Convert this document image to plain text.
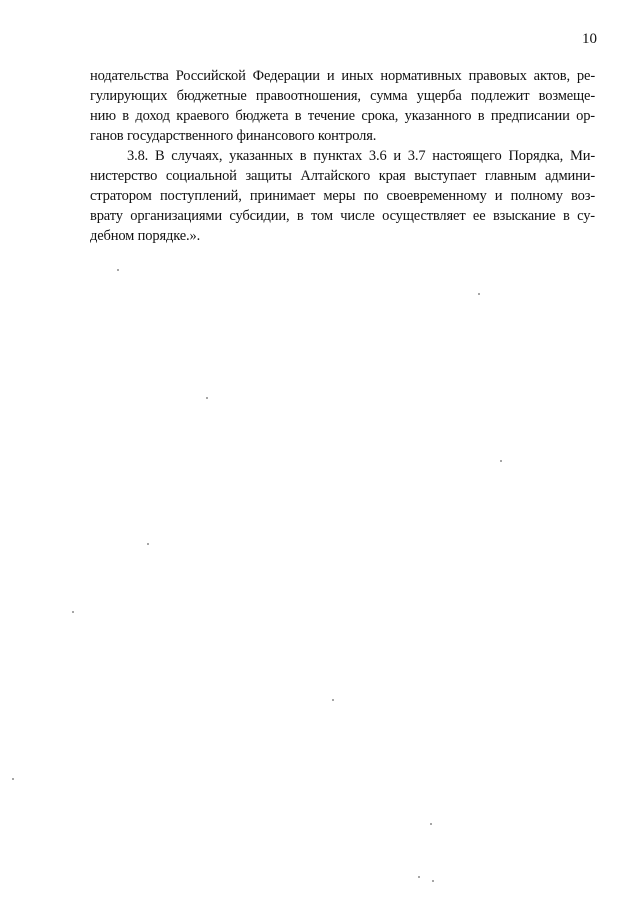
10
нодательства Российской Федерации и иных нормативных правовых актов, ре-
гулирующих бюджетные правоотношения, сумма ущерба подлежит возмеще-
нию в доход краевого бюджета в течение срока, указанного в предписании ор-
ганов государственного финансового контроля.
3.8. В случаях, указанных в пунктах 3.6 и 3.7 настоящего Порядка, Ми-
нистерство социальной защиты Алтайского края выступает главным админи-
стратором поступлений, принимает меры по своевременному и полному воз-
врату организациями субсидии, в том числе осуществляет ее взыскание в су-
дебном порядке.».
